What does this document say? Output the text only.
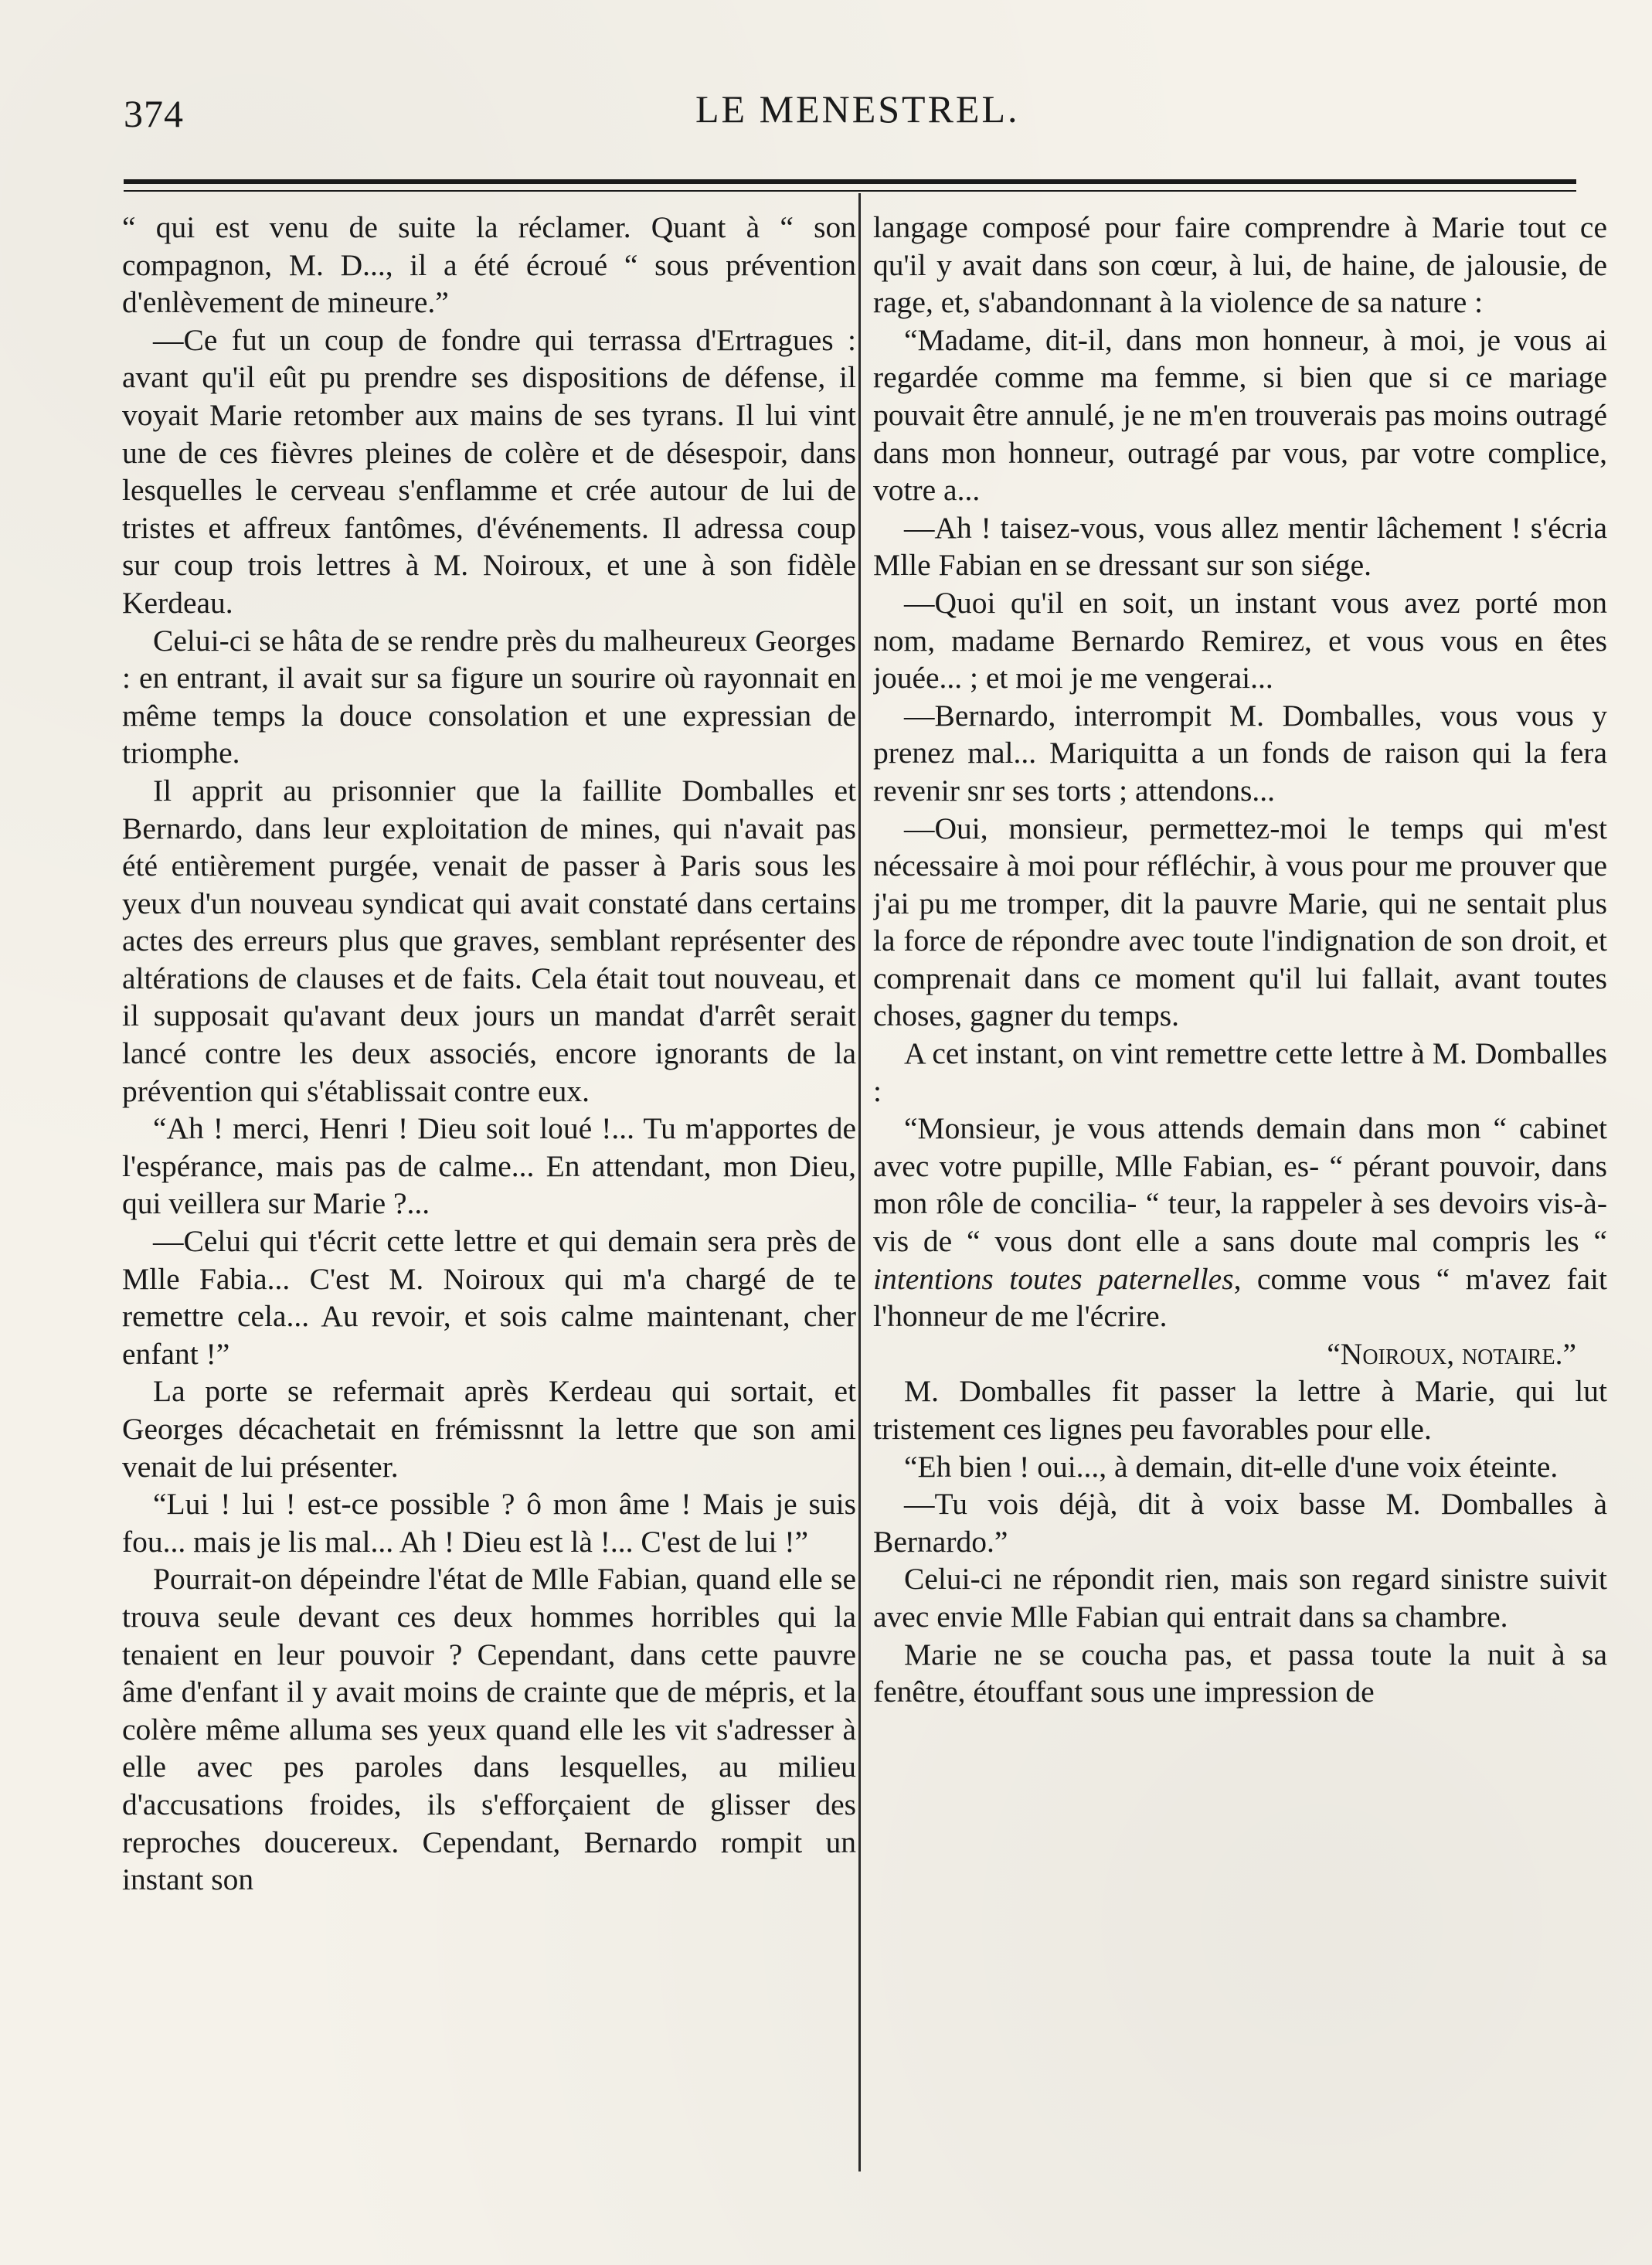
374	LE MENESTREL.

“ qui est venu de suite la réclamer. Quant à “ son compagnon, M. D..., il a été écroué “ sous prévention d'enlèvement de mineure.”

—Ce fut un coup de fondre qui terrassa d'Ertragues : avant qu'il eût pu prendre ses dispositions de défense, il voyait Marie retomber aux mains de ses tyrans. Il lui vint une de ces fièvres pleines de colère et de désespoir, dans lesquelles le cerveau s'enflamme et crée autour de lui de tristes et affreux fantômes, d'événements. Il adressa coup sur coup trois lettres à M. Noiroux, et une à son fidèle Kerdeau.

Celui-ci se hâta de se rendre près du malheureux Georges : en entrant, il avait sur sa figure un sourire où rayonnait en même temps la douce consolation et une expressian de triomphe.

Il apprit au prisonnier que la faillite Domballes et Bernardo, dans leur exploitation de mines, qui n'avait pas été entièrement purgée, venait de passer à Paris sous les yeux d'un nouveau syndicat qui avait constaté dans certains actes des erreurs plus que graves, semblant représenter des altérations de clauses et de faits. Cela était tout nouveau, et il supposait qu'avant deux jours un mandat d'arrêt serait lancé contre les deux associés, encore ignorants de la prévention qui s'établissait contre eux.

“Ah ! merci, Henri ! Dieu soit loué !... Tu m'apportes de l'espérance, mais pas de calme... En attendant, mon Dieu, qui veillera sur Marie ?...

—Celui qui t'écrit cette lettre et qui demain sera près de Mlle Fabia... C'est M. Noiroux qui m'a chargé de te remettre cela... Au revoir, et sois calme maintenant, cher enfant !”

La porte se refermait après Kerdeau qui sortait, et Georges décachetait en frémissnnt la lettre que son ami venait de lui présenter.

“Lui ! lui ! est-ce possible ? ô mon âme ! Mais je suis fou... mais je lis mal... Ah ! Dieu est là !... C'est de lui !”

Pourrait-on dépeindre l'état de Mlle Fabian, quand elle se trouva seule devant ces deux hommes horribles qui la tenaient en leur pouvoir ? Cependant, dans cette pauvre âme d'enfant il y avait moins de crainte que de mépris, et la colère même alluma ses yeux quand elle les vit s'adresser à elle avec pes paroles dans lesquelles, au milieu d'accusations froides, ils s'efforçaient de glisser des reproches doucereux. Cependant, Bernardo rompit un instant son

langage composé pour faire comprendre à Marie tout ce qu'il y avait dans son cœur, à lui, de haine, de jalousie, de rage, et, s'abandonnant à la violence de sa nature :

“Madame, dit-il, dans mon honneur, à moi, je vous ai regardée comme ma femme, si bien que si ce mariage pouvait être annulé, je ne m'en trouverais pas moins outragé dans mon honneur, outragé par vous, par votre complice, votre a...

—Ah ! taisez-vous, vous allez mentir lâchement ! s'écria Mlle Fabian en se dressant sur son siége.

—Quoi qu'il en soit, un instant vous avez porté mon nom, madame Bernardo Remirez, et vous vous en êtes jouée... ; et moi je me vengerai...

—Bernardo, interrompit M. Domballes, vous vous y prenez mal... Mariquitta a un fonds de raison qui la fera revenir snr ses torts ; attendons...

—Oui, monsieur, permettez-moi le temps qui m'est nécessaire à moi pour réfléchir, à vous pour me prouver que j'ai pu me tromper, dit la pauvre Marie, qui ne sentait plus la force de répondre avec toute l'indignation de son droit, et comprenait dans ce moment qu'il lui fallait, avant toutes choses, gagner du temps.

A cet instant, on vint remettre cette lettre à M. Domballes :

“Monsieur, je vous attends demain dans mon “ cabinet avec votre pupille, Mlle Fabian, es- “ pérant pouvoir, dans mon rôle de concilia- “ teur, la rappeler à ses devoirs vis-à-vis de “ vous dont elle a sans doute mal compris les “ intentions toutes paternelles, comme vous “ m'avez fait l'honneur de me l'écrire.

“Noiroux, notaire.”

M. Domballes fit passer la lettre à Marie, qui lut tristement ces lignes peu favorables pour elle.

“Eh bien ! oui..., à demain, dit-elle d'une voix éteinte.

—Tu vois déjà, dit à voix basse M. Domballes à Bernardo.”

Celui-ci ne répondit rien, mais son regard sinistre suivit avec envie Mlle Fabian qui entrait dans sa chambre.

Marie ne se coucha pas, et passa toute la nuit à sa fenêtre, étouffant sous une impression de
